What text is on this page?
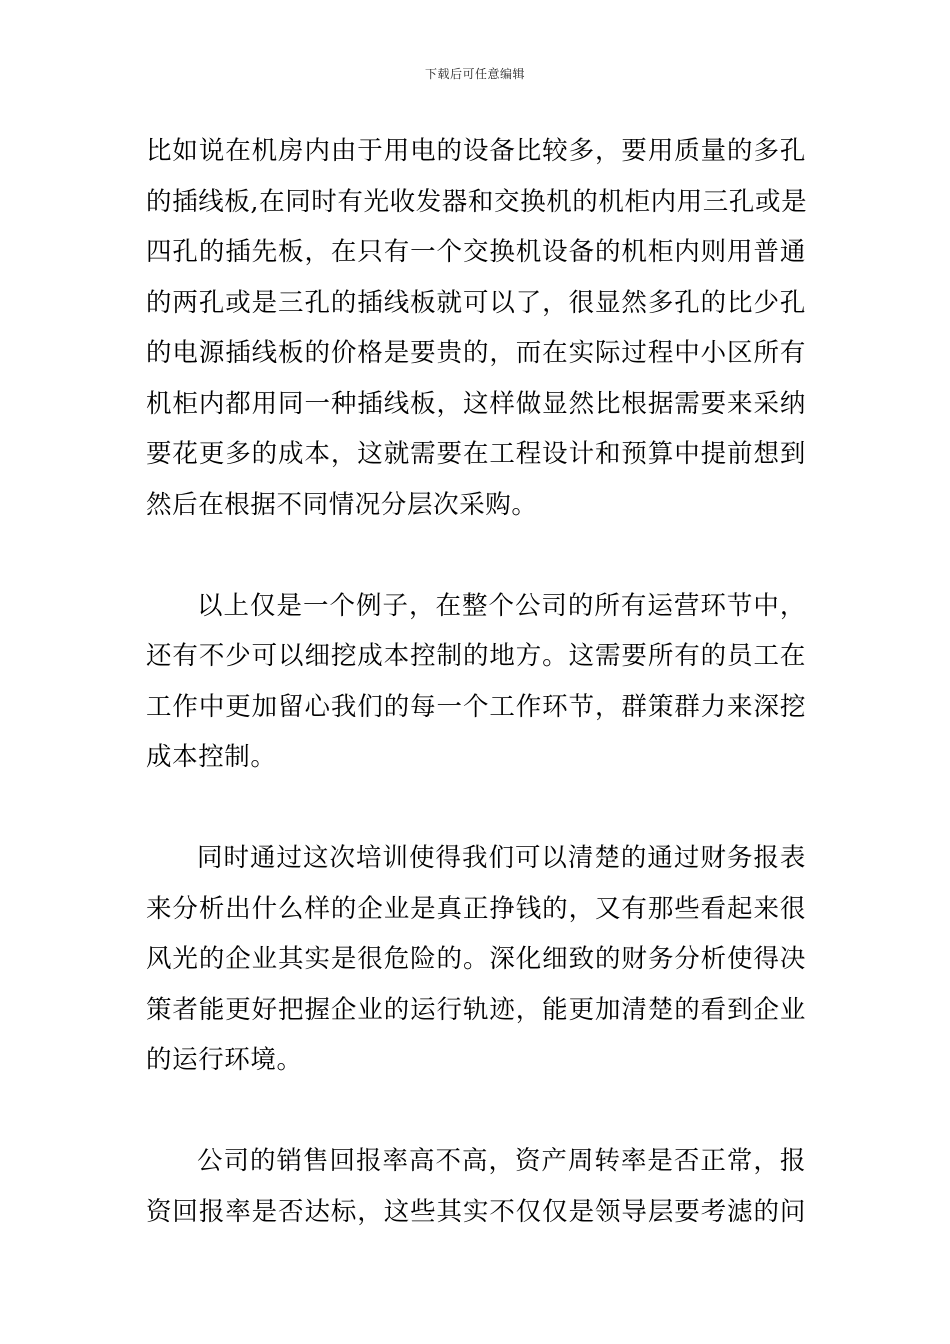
下载后可任意编辑
比如说在机房内由于用电的设备比较多，要用质量的多孔
的插线板,在同时有光收发器和交换机的机柜内用三孔或是
四孔的插先板，在只有一个交换机设备的机柜内则用普通
的两孔或是三孔的插线板就可以了，很显然多孔的比少孔
的电源插线板的价格是要贵的，而在实际过程中小区所有
机柜内都用同一种插线板，这样做显然比根据需要来采纳
要花更多的成本，这就需要在工程设计和预算中提前想到
然后在根据不同情况分层次采购。
以上仅是一个例子，在整个公司的所有运营环节中，
还有不少可以细挖成本控制的地方。这需要所有的员工在
工作中更加留心我们的每一个工作环节，群策群力来深挖
成本控制。
同时通过这次培训使得我们可以清楚的通过财务报表
来分析出什么样的企业是真正挣钱的，又有那些看起来很
风光的企业其实是很危险的。深化细致的财务分析使得决
策者能更好把握企业的运行轨迹，能更加清楚的看到企业
的运行环境。
公司的销售回报率高不高，资产周转率是否正常，报
资回报率是否达标，这些其实不仅仅是领导层要考滤的问
